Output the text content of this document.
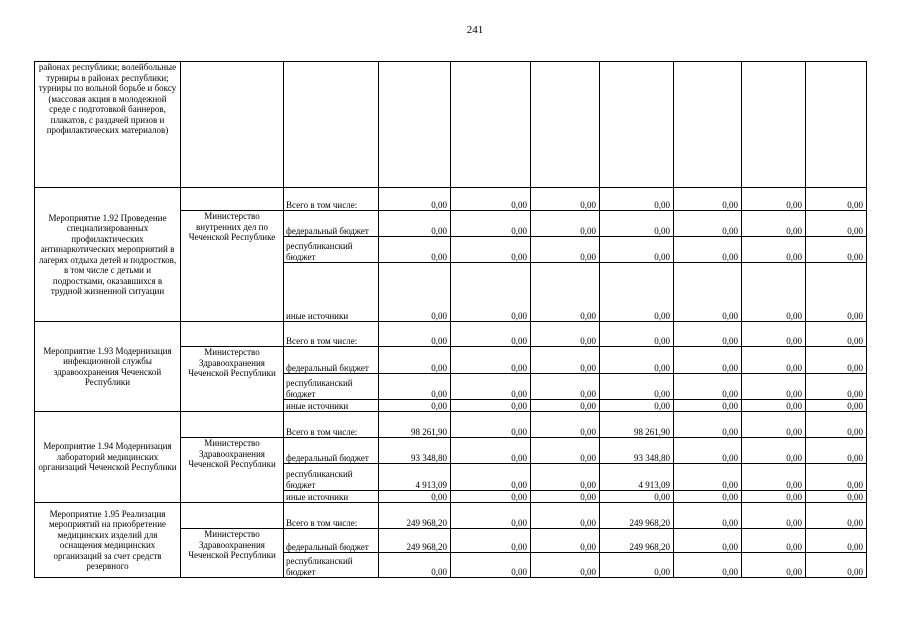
241
районах республики; волейбольные турниры в районах республики; турниры по вольной борьбе и боксу (массовая акция в молодежной среде с подготовкой баннеров, плакатов, с раздачей призов и профилактических материалов)									
Мероприятие 1.92 Проведение специализированных профилактических антинаркотических мероприятий в лагерях отдыха детей и подростков, в том числе с детьми и подростками, оказавшихся в трудной жизненной ситуации		Всего в том числе:	0,00	0,00	0,00	0,00	0,00	0,00	0,00
	Министерство внутренних дел по Чеченской Республике	федеральный бюджет	0,00	0,00	0,00	0,00	0,00	0,00	0,00
		республиканский бюджет	0,00	0,00	0,00	0,00	0,00	0,00	0,00
		иные источники	0,00	0,00	0,00	0,00	0,00	0,00	0,00
Мероприятие 1.93 Модернизация инфекционной службы здравоохранения Чеченской Республики		Всего в том числе:	0,00	0,00	0,00	0,00	0,00	0,00	0,00
	Министерство Здравоохранения Чеченской Республики	федеральный бюджет	0,00	0,00	0,00	0,00	0,00	0,00	0,00
		республиканский бюджет	0,00	0,00	0,00	0,00	0,00	0,00	0,00
		иные источники	0,00	0,00	0,00	0,00	0,00	0,00	0,00
Мероприятие 1.94 Модернизация лабораторий медицинских организаций Чеченской Республики		Всего в том числе:	98 261,90	0,00	0,00	98 261,90	0,00	0,00	0,00
	Министерство Здравоохранения Чеченской Республики	федеральный бюджет	93 348,80	0,00	0,00	93 348,80	0,00	0,00	0,00
		республиканский бюджет	4 913,09	0,00	0,00	4 913,09	0,00	0,00	0,00
		иные источники	0,00	0,00	0,00	0,00	0,00	0,00	0,00
Мероприятие 1.95 Реализация мероприятий на приобретение медицинских изделий для оснащения медицинских организаций за счет средств резервного		Всего в том числе:	249 968,20	0,00	0,00	249 968,20	0,00	0,00	0,00
	Министерство Здравоохранения Чеченской Республики	федеральный бюджет	249 968,20	0,00	0,00	249 968,20	0,00	0,00	0,00
		республиканский бюджет	0,00	0,00	0,00	0,00	0,00	0,00	0,00
